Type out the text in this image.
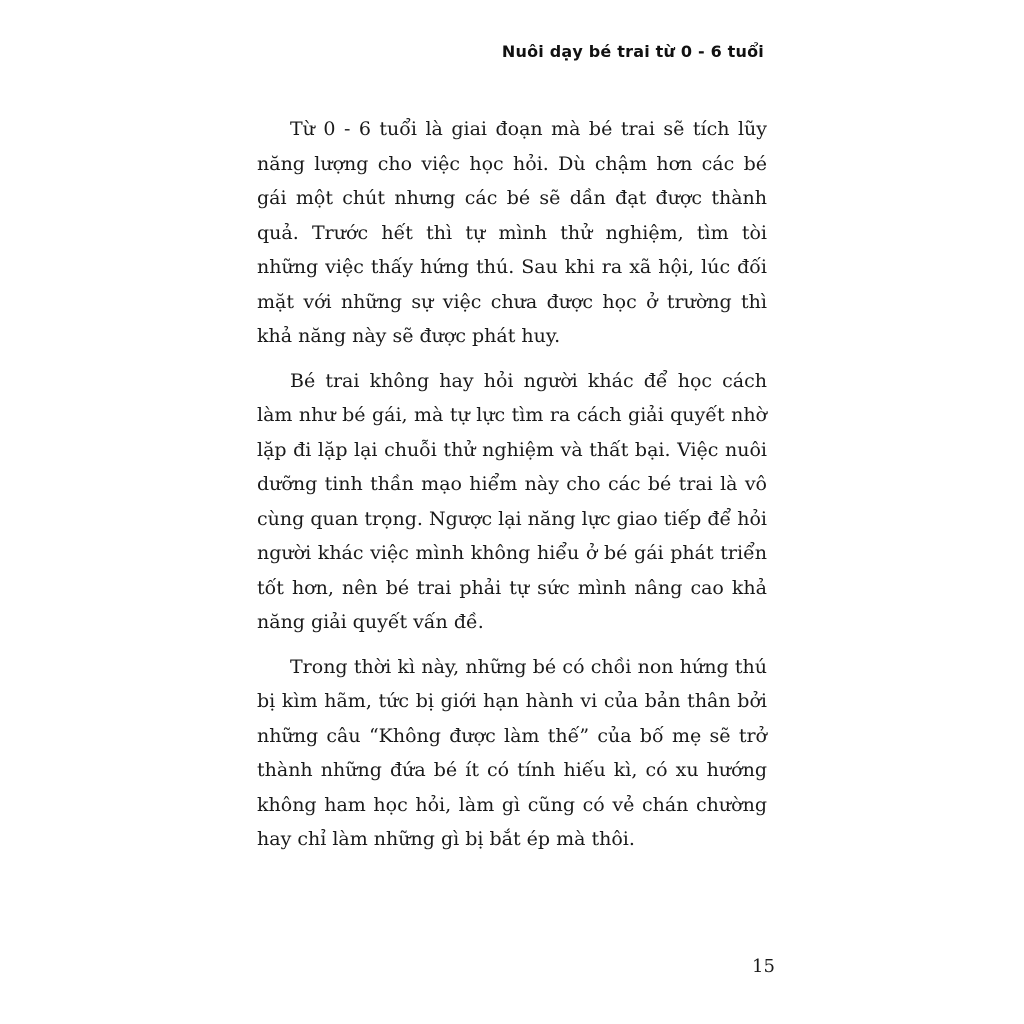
Nuôi dạy bé trai từ 0 - 6 tuổi

Từ 0 - 6 tuổi là giai đoạn mà bé trai sẽ tích lũy năng lượng cho việc học hỏi. Dù chậm hơn các bé gái một chút nhưng các bé sẽ dần đạt được thành quả. Trước hết thì tự mình thử nghiệm, tìm tòi những việc thấy hứng thú. Sau khi ra xã hội, lúc đối mặt với những sự việc chưa được học ở trường thì khả năng này sẽ được phát huy.

Bé trai không hay hỏi người khác để học cách làm như bé gái, mà tự lực tìm ra cách giải quyết nhờ lặp đi lặp lại chuỗi thử nghiệm và thất bại. Việc nuôi dưỡng tinh thần mạo hiểm này cho các bé trai là vô cùng quan trọng. Ngược lại năng lực giao tiếp để hỏi người khác việc mình không hiểu ở bé gái phát triển tốt hơn, nên bé trai phải tự sức mình nâng cao khả năng giải quyết vấn đề.

Trong thời kì này, những bé có chồi non hứng thú bị kìm hãm, tức bị giới hạn hành vi của bản thân bởi những câu “Không được làm thế” của bố mẹ sẽ trở thành những đứa bé ít có tính hiếu kì, có xu hướng không ham học hỏi, làm gì cũng có vẻ chán chường hay chỉ làm những gì bị bắt ép mà thôi.

15
